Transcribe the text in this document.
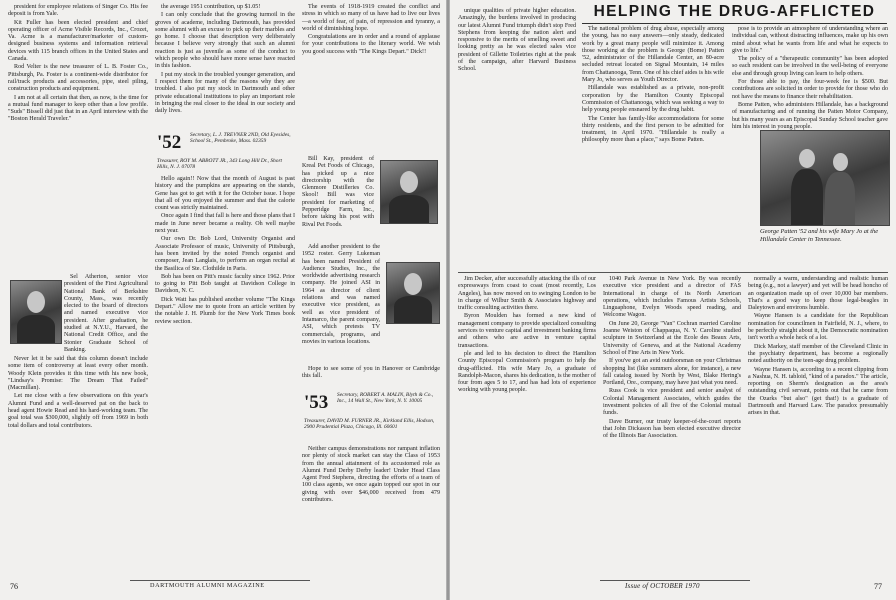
president for employee relations of Singer Co. His fee deposit is from Yale.

Kit Fuller has been elected president and chief operating officer of Acme Visible Records, Inc., Crozet, Va. Acme is a manufacturer/marketer of custom-designed business systems and information retrieval devices with 115 branch offices in the United States and Canada.

Rod Velter is the new treasurer of L. B. Foster Co., Pittsburgh, Pa. Foster is a continent-wide distributor for rail/track products and accessories, pipe, steel piling, construction products and equipment.

I am not at all certain that then, as now, is the time for a mutual fund manager to keep other than a low profile. "Suds" Bissell did just that in an April interview with the "Boston Herald Traveler."

Sel Atherton, senior vice president of the First Agricultural National Bank of Berkshire County, Mass., was recently elected to the board of directors and named executive vice president. After graduation, he studied at N.Y.U., Harvard, the National Credit Office, and the Stonier Graduate School of Banking.

Never let it be said that this column doesn't include some item of controversy at least every other month. Woody Klein provides it this time with his new book, "Lindsay's Promise: The Dream That Failed" (Macmillan).

Let me close with a few observations on this year's Alumni Fund and a well-deserved pat on the back to head agent Howie Read and his hard-working team. The goal total was $300,000, slightly off from 1969 in both total dollars and total contributors.

the average 1951 contribution, up $1.05!

I can only conclude that the growing turmoil in the groves of academe, including Dartmouth, has provided some alumni with an excuse to pick up their marbles and go home. I choose that description very deliberately because I believe very strongly that such an alumni reaction is just as juvenile as some of the conduct to which people who should have more sense have reacted in this fashion.

I put my stock in the troubled younger generation, and I respect them for many of the reasons why they are troubled. I also put my stock in Dartmouth and other private educational institutions to play an important role in bringing the real closer to the ideal in our society and daily lives.

'52 Secretary, L. J. TREVNER 2ND, Old Eyesides, School St., Pembroke, Mass. 02359
Treasurer, ROY M. ABBOTT JR., 343 Long Hill Dr., Short Hills, N. J. 07078

Hello again!! Now that the month of August is past history and the pumpkins are appearing on the stands, Gene has got to get with it for the October issue. I hope that all of you enjoyed the summer and that the calorie count was strictly maintained.

Once again I find that fall is here and those plans that I made in June never became a reality. Oh well maybe next year.

Our own Dr. Bob Lord, University Organist and Associate Professor of music, University of Pittsburgh, has been invited by the noted French organist and composer, Jean Langlais, to perform an organ recital at the Basilica of Ste. Clothilde in Paris.

Bob has been on Pitt's music faculty since 1962. Prior to going to Pitt Bob taught at Davidson College in Davidson, N. C.

Dick Watt has published another volume "The Kings Depart." Allow me to quote from an article written by the notable J. H. Plumb for the New York Times book review section.

The events of 1918-1919 created the conflict and stress in which so many of us have had to live our lives—a world of fear, of pain, of repression and tyranny, a world of diminishing hope.

Congratulations are in order and a round of applause for your contributions to the literary world. We wish you good success with "The Kings Depart." Dick!!

Bill Kay, president of Kreal Pet Foods of Chicago, has picked up a nice directorship with the Glenmore Distilleries Co. Skool! Bill was vice president for marketing of Pepperidge Farm, Inc., before taking his post with Rival Pet Foods.

Add another president to the 1952 roster. Gerry Lukeman has been named President of Audience Studies, Inc., the worldwide advertising research company. He joined ASI in 1964 as director of client relations and was named executive vice president, as well as vice president of Intamarco, the parent company, ASI, which pretests TV commercials, programs, and movies in various locations.

Hope to see some of you in Hanover or Cambridge this fall.

'53 Secretary, ROBERT A. MALIN, Blyth & Co., Inc., 14 Wall St., New York, N. Y. 10005
Treasurer, DAVID M. FURNER JR., Kirkland Ellis, Hodson, 2900 Prudential Plaza, Chicago, Ill. 60601

Neither campus demonstrations nor rampant inflation nor plenty of stock market can stay the Class of 1953 from the annual attainment of its accustomed role as Alumni Fund Derby Derby leader! Under Head Class Agent Fred Stephens, directing the efforts of a team of 100 class agents, we once again topped our spot in our giving with over $46,000 received from 479 contributors.

76	DARTMOUTH ALUMNI MAGAZINE
HELPING THE DRUG-AFFLICTED

unique qualities of private higher education. Amazingly, the burdens involved in producing our latest Alumni Fund triumph didn't stop Fred Stephens from keeping the nation alert and responsive to the merits of smelling sweet and looking pretty as he was elected sales vice president of Gillette Toiletries right at the peak of the campaign, after Harvard Business School.

The national problem of drug abuse, especially among the young, has no easy answers—only steady, dedicated work by a great many people will minimize it. Among those working at the problem is George (Bome) Patten '52, administrator of the Hillandale Center, an 80-acre secluded retreat located on Signal Mountain, 14 miles from Chattanooga, Tenn. One of his chief aides is his wife Mary Jo, who serves as Youth Director.

Hillandale was established as a private, non-profit corporation by the Hamilton County Episcopal Commission of Chattanooga, which was seeking a way to help young people ensnared by the drug habit.

The Center has family-like accommodations for some thirty residents, and the first person to be admitted for treatment, in April 1970. "Hillandale is really a philosophy more than a place," says Bome Patten.

pose is to provide an atmosphere of understanding where an individual can, without distracting influences, make up his own mind about what he wants from life and what he expects to give to life."

The policy of a "therapeutic community" has been adopted so each resident can be involved in the well-being of everyone else and through group living can learn to help others.

For those able to pay, the four-week fee is $500. But contributions are solicited in order to provide for those who do not have the means to finance their rehabilitation.

Bome Patten, who administers Hillandale, has a background of manufacturing and of running the Patten Motor Company, but his many years as an Episcopal Sunday School teacher gave him his interest in young people.

Jim Decker, after successfully attacking the ills of our expressways from coast to coast (most recently, Los Angeles), has now moved on to swinging London to be in charge of Wilbur Smith & Associates highway and traffic consulting activities there.

Byron Moulden has formed a new kind of management company to provide specialized consulting services to venture capital and investment banking firms and others who are active in venture capital transactions.

ple and led to his decision to direct the Hamilton County Episcopal Commission's program to help the drug-afflicted. His wife Mary Jo, a graduate of Randolph-Macon, shares his dedication, is the mother of four from ages 5 to 17, and has had lots of experience working with young people.

1040 Park Avenue in New York. By was recently executive vice president and a director of FAS International in charge of its North American operations, which includes Famous Artists Schools, Linguaphone, Evelyn Woods speed reading, and Welcome Wagon.

On June 20, George "Van" Cochran married Caroline Joanne Weiston of Chappaqua, N. Y. Caroline studied sculpture in Switzerland at the Ecole des Beaux Arts, University of Geneva, and at the National Academy School of Fine Arts in New York.

If you've got an avid outdoorsman on your Christmas shopping list (like summers alone, for instance), a new fall catalog issued by North by West, Blake Hering's Portland, Ore., company, may have just what you need.

Russ Cook is vice president and senior analyst of Colonial Management Associates, which guides the investment policies of all five of the Colonial mutual funds.

Dave Burner, our trusty keeper-of-the-court reports that John Dickason has been elected executive director of the Illinois Bar Association.

normally a warm, understanding and realistic human being (e.g., not a lawyer) and yet will be head honcho of an organization made up of over 10,000 bar members. That's a good way to keep those legal-beagles in Daleytown and environs humble.

Wayne Hansen is a candidate for the Republican nomination for councilmen in Fairfield, N. J., where, to be perfectly straight about it, the Democratic nomination isn't worth a whole heck of a lot.

Dick Markey, staff member of the Cleveland Clinic in the psychiatry department, has become a regionally noted authority on the teen-age drug problem.

Wayne Hansen is, according to a recent clipping from a Nashua, N. H. tabloid, "kind of a paradox." The article, reporting on Sherm's designation as the area's outstanding civil servant, points out that he came from the Ozarks "but also" (get that!) is a graduate of Dartmouth and Harvard Law. The paradox presumably arises in that.

George Patten '52 and his wife Mary Jo at the Hillandale Center in Tennessee.
Issue of OCTOBER 1970	77
